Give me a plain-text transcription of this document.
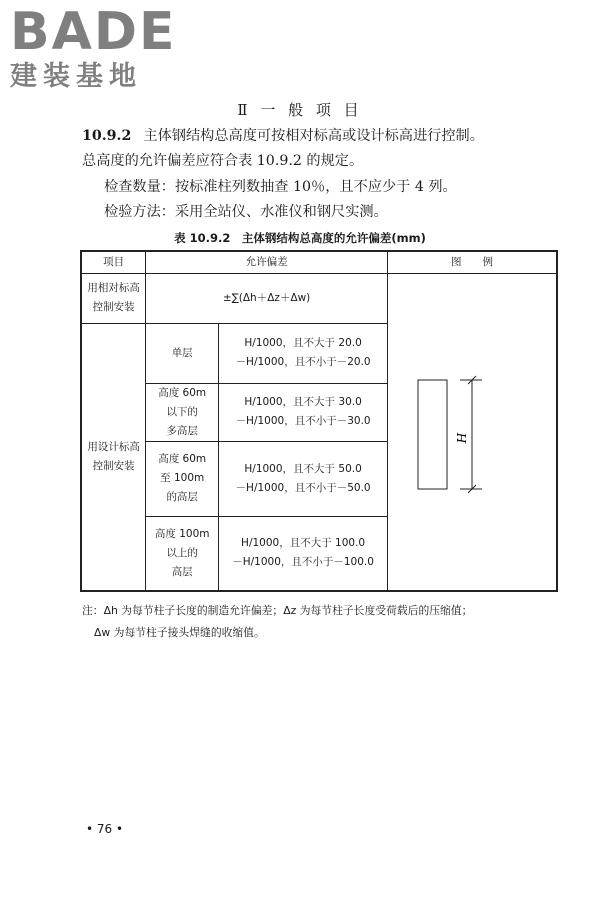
BADE
建装基地
Ⅱ 一 般 项 目
10.9.2 主体钢结构总高度可按相对标高或设计标高进行控制。
总高度的允许偏差应符合表 10.9.2 的规定。
检查数量：按标准柱列数抽查 10％，且不应少于 4 列。
检验方法：采用全站仪、水准仪和钢尺实测。
表 10.9.2　主体钢结构总高度的允许偏差(mm)
项目	允许偏差		图　　例

用相对标高
控制安装	±∑(Δh＋Δz＋Δw)		H

用设计标高
控制安装	单层	H/1000，且不大于 20.0
－H/1000，且不小于－20.0	

	高度 60m
以下的
多高层	H/1000，且不大于 30.0
－H/1000，且不小于－30.0	

	高度 60m
至 100m
的高层	H/1000，且不大于 50.0
－H/1000，且不小于－50.0	

	高度 100m
以上的
高层	H/1000，且不大于 100.0
－H/1000，且不小于－100.0	
注：Δh 为每节柱子长度的制造允许偏差；Δz 为每节柱子长度受荷载后的压缩值；
Δw 为每节柱子接头焊缝的收缩值。
• 76 •
